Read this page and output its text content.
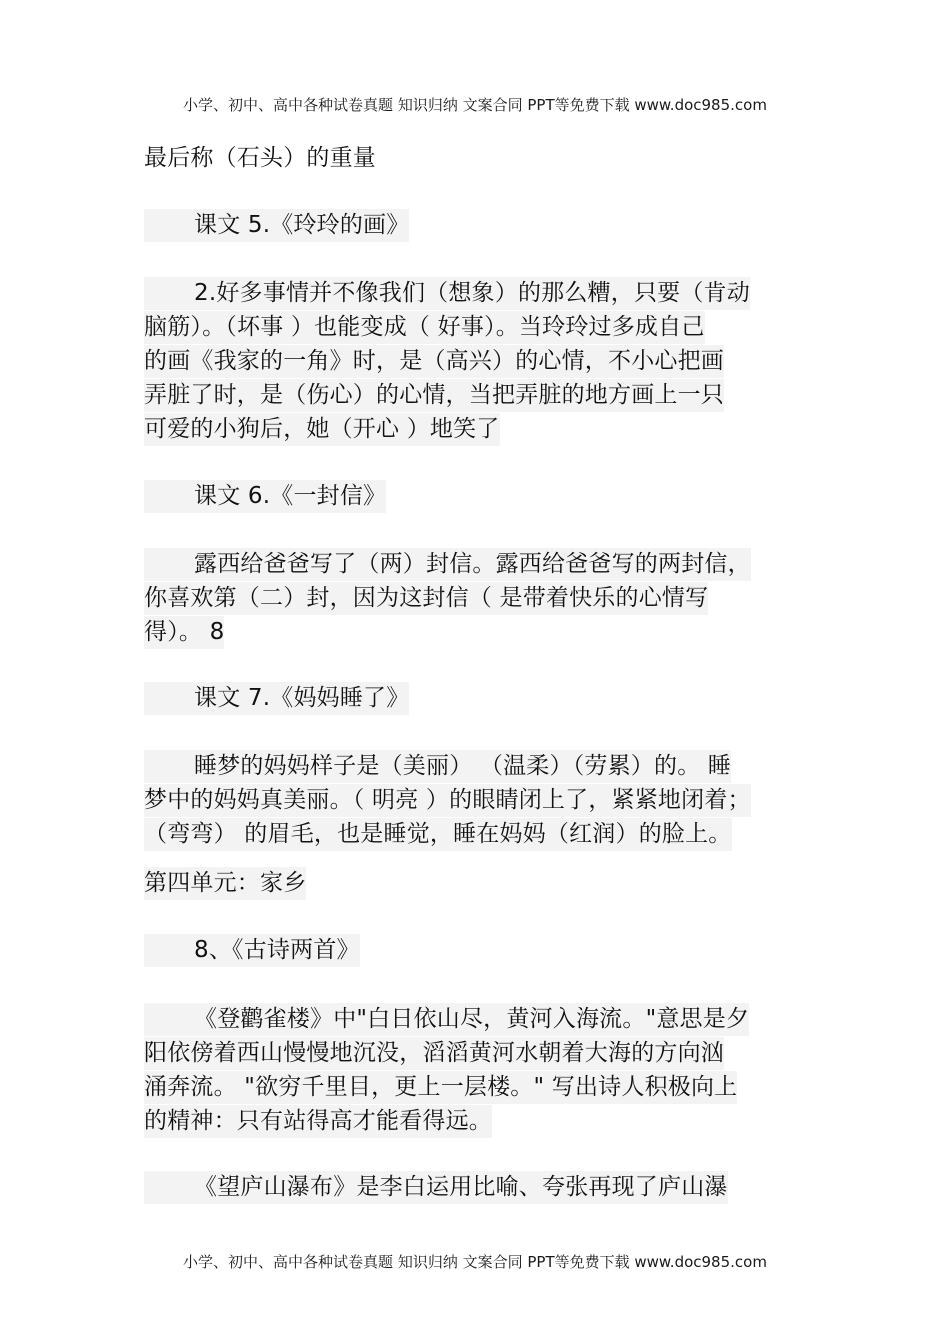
小学、初中、高中各种试卷真题 知识归纳 文案合同 PPT等免费下载 www.doc985.com
最后称（石头）的重量
课文 5.《玲玲的画》
2.好多事情并不像我们（想象）的那么糟，只要（肯动
脑筋）。（坏事 ）也能变成（ 好事）。当玲玲过多成自己
的画《我家的一角》时，是（高兴）的心情，不小心把画
弄脏了时，是（伤心）的心情，当把弄脏的地方画上一只
可爱的小狗后，她（开心 ）地笑了
课文 6.《一封信》
露西给爸爸写了（两）封信。露西给爸爸写的两封信，
你喜欢第（二）封，因为这封信（ 是带着快乐的心情写
得）。 8
课文 7.《妈妈睡了》
睡梦的妈妈样子是（美丽） （温柔）（劳累）的。 睡
梦中的妈妈真美丽。（ 明亮 ）的眼睛闭上了，紧紧地闭着；
（弯弯） 的眉毛，也是睡觉，睡在妈妈（红润）的脸上。
第四单元：家乡
8、《古诗两首》
《登鹳雀楼》中"白日依山尽，黄河入海流。"意思是夕
阳依傍着西山慢慢地沉没，滔滔黄河水朝着大海的方向汹
涌奔流。 "欲穷千里目，更上一层楼。" 写出诗人积极向上
的精神：只有站得高才能看得远。
《望庐山瀑布》是李白运用比喻、夸张再现了庐山瀑
小学、初中、高中各种试卷真题 知识归纳 文案合同 PPT等免费下载 www.doc985.com
